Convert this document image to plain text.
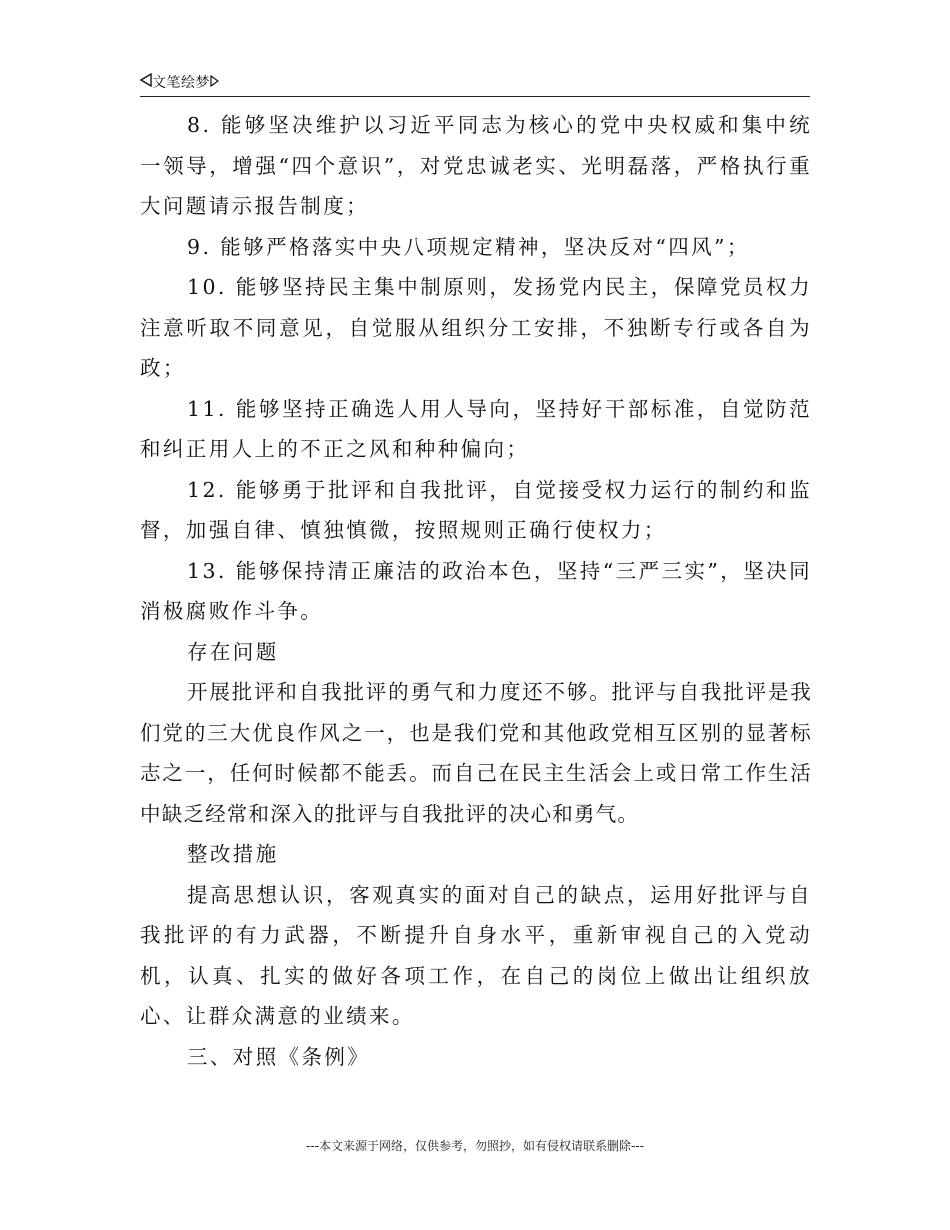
文笔绘梦

8. 能够坚决维护以习近平同志为核心的党中央权威和集中统一领导，增强“四个意识”，对党忠诚老实、光明磊落，严格执行重大问题请示报告制度；

9. 能够严格落实中央八项规定精神，坚决反对“四风”；

10. 能够坚持民主集中制原则，发扬党内民主，保障党员权力注意听取不同意见，自觉服从组织分工安排，不独断专行或各自为政；

11. 能够坚持正确选人用人导向，坚持好干部标准，自觉防范和纠正用人上的不正之风和种种偏向；

12. 能够勇于批评和自我批评，自觉接受权力运行的制约和监督，加强自律、慎独慎微，按照规则正确行使权力；

13. 能够保持清正廉洁的政治本色，坚持“三严三实”，坚决同消极腐败作斗争。

存在问题

开展批评和自我批评的勇气和力度还不够。批评与自我批评是我们党的三大优良作风之一，也是我们党和其他政党相互区别的显著标志之一，任何时候都不能丢。而自己在民主生活会上或日常工作生活中缺乏经常和深入的批评与自我批评的决心和勇气。

整改措施

提高思想认识，客观真实的面对自己的缺点，运用好批评与自我批评的有力武器，不断提升自身水平，重新审视自己的入党动机，认真、扎实的做好各项工作，在自己的岗位上做出让组织放心、让群众满意的业绩来。

三、对照《条例》

---本文来源于网络，仅供参考，勿照抄，如有侵权请联系删除---
